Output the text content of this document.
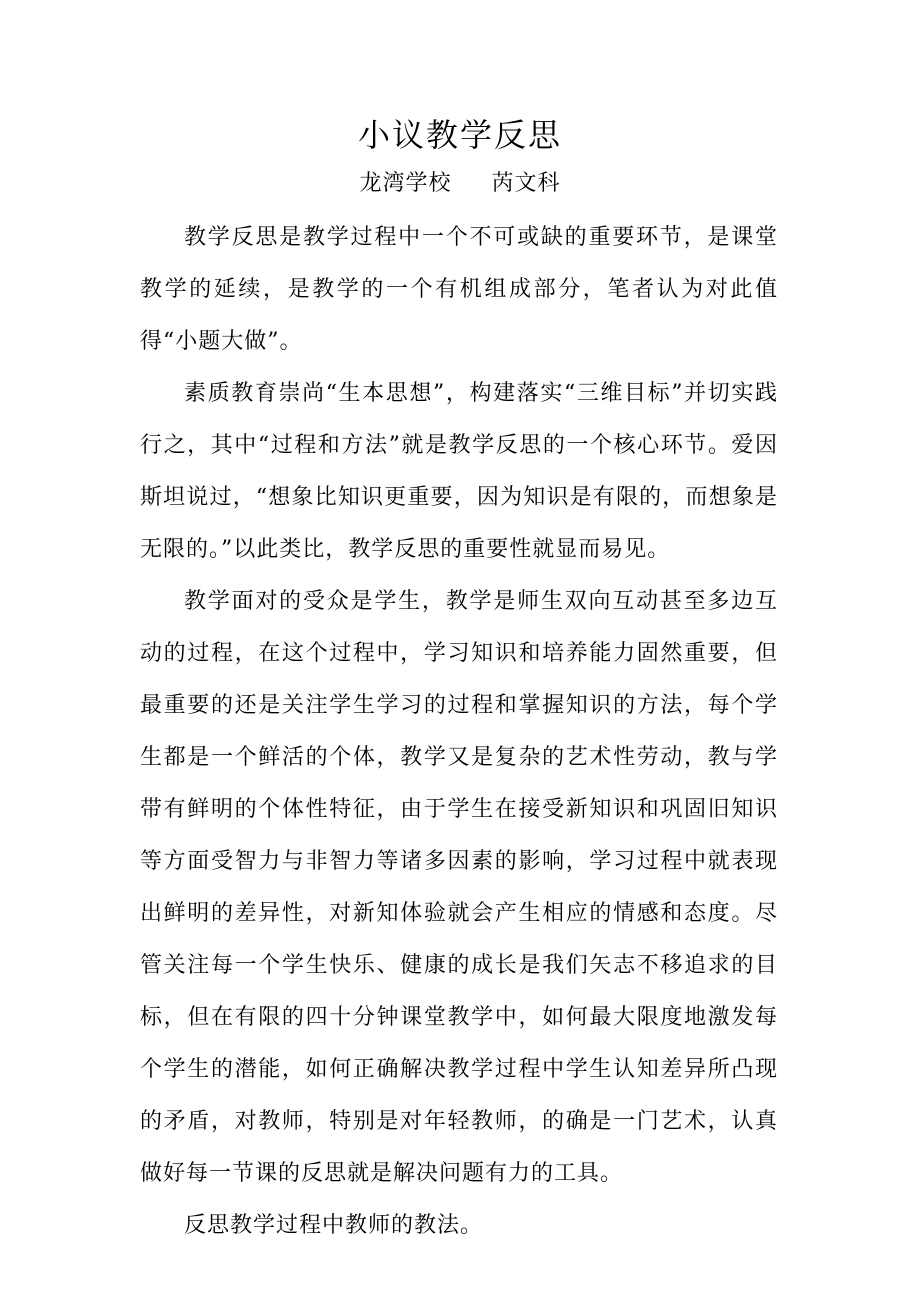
小议教学反思
龙湾学校 芮文科

教学反思是教学过程中一个不可或缺的重要环节，是课堂教学的延续，是教学的一个有机组成部分，笔者认为对此值得“小题大做”。

素质教育崇尚“生本思想”，构建落实“三维目标”并切实践行之，其中“过程和方法”就是教学反思的一个核心环节。爱因斯坦说过，“想象比知识更重要，因为知识是有限的，而想象是无限的。”以此类比，教学反思的重要性就显而易见。

教学面对的受众是学生，教学是师生双向互动甚至多边互动的过程，在这个过程中，学习知识和培养能力固然重要，但最重要的还是关注学生学习的过程和掌握知识的方法，每个学生都是一个鲜活的个体，教学又是复杂的艺术性劳动，教与学带有鲜明的个体性特征，由于学生在接受新知识和巩固旧知识等方面受智力与非智力等诸多因素的影响，学习过程中就表现出鲜明的差异性，对新知体验就会产生相应的情感和态度。尽管关注每一个学生快乐、健康的成长是我们矢志不移追求的目标，但在有限的四十分钟课堂教学中，如何最大限度地激发每个学生的潜能，如何正确解决教学过程中学生认知差异所凸现的矛盾，对教师，特别是对年轻教师，的确是一门艺术，认真做好每一节课的反思就是解决问题有力的工具。

反思教学过程中教师的教法。
